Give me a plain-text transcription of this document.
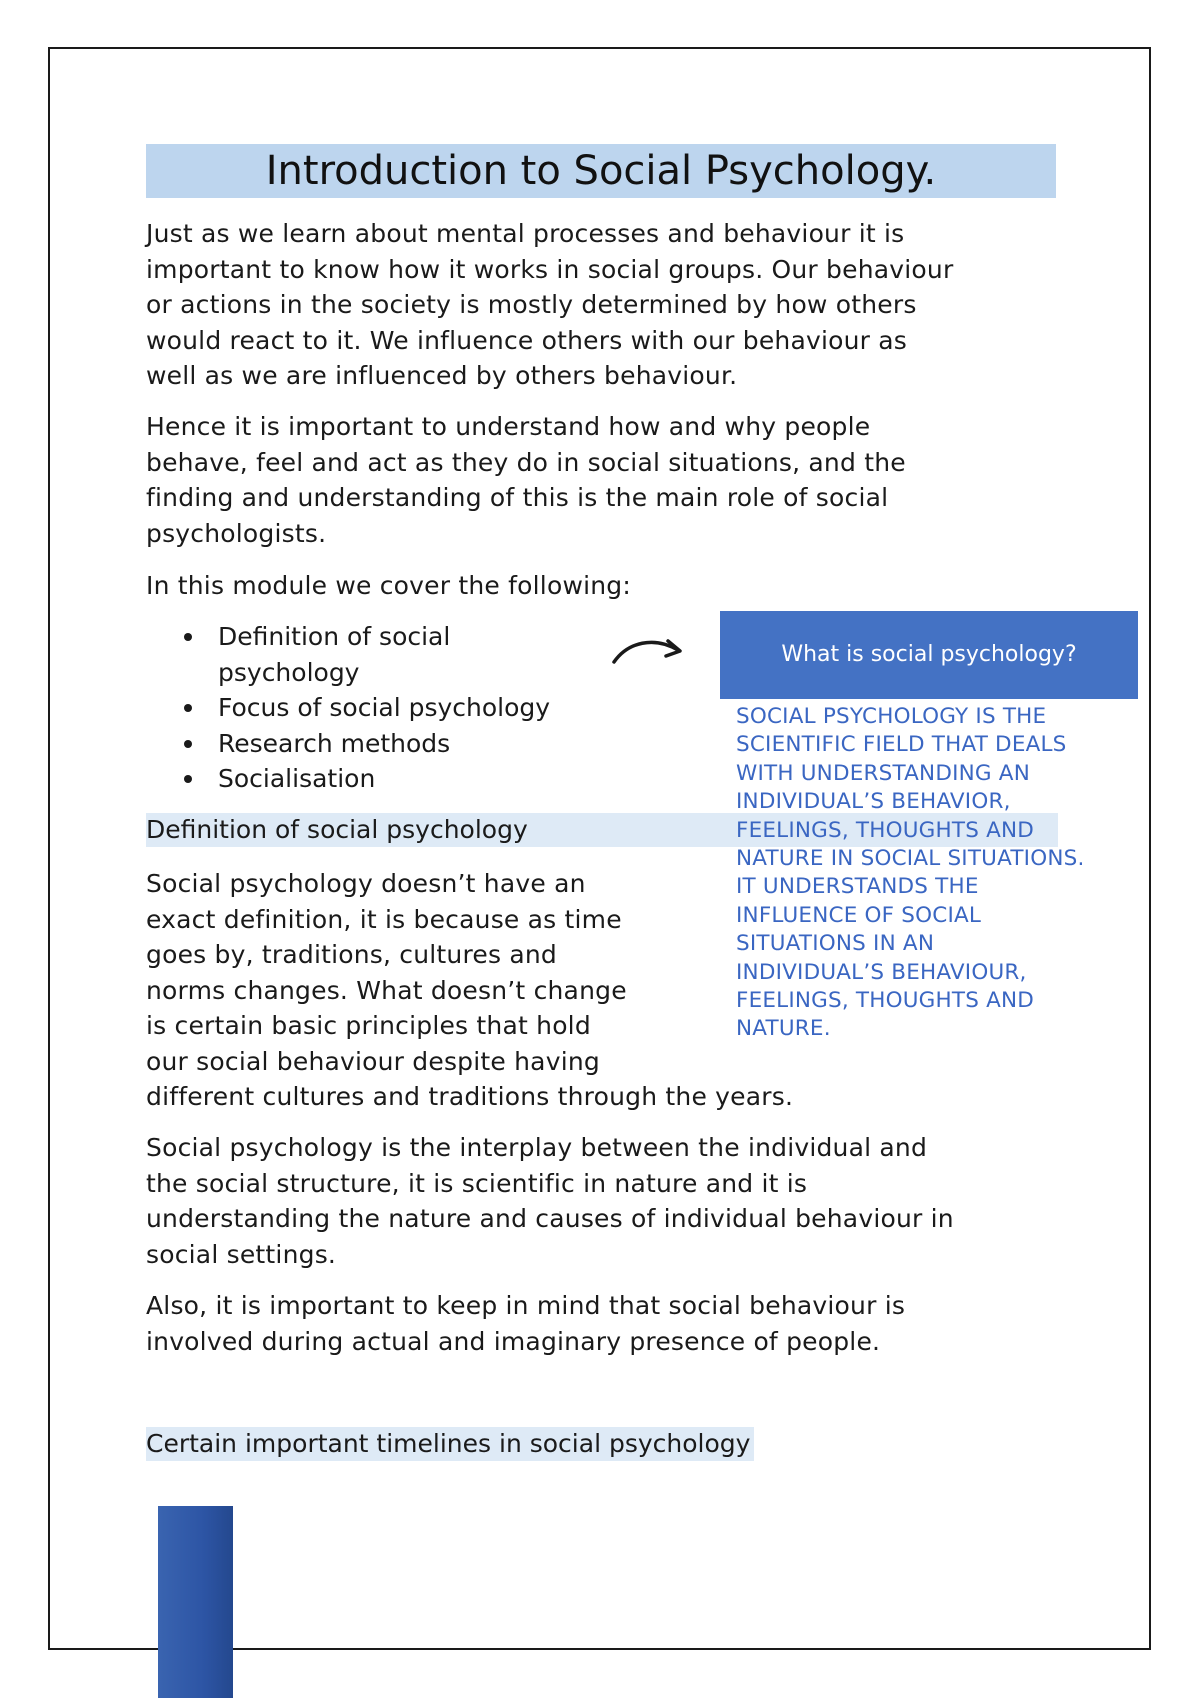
Introduction to Social Psychology.

Just as we learn about mental processes and behaviour it is
important to know how it works in social groups. Our behaviour
or actions in the society is mostly determined by how others
would react to it. We influence others with our behaviour as
well as we are influenced by others behaviour.

Hence it is important to understand how and why people
behave, feel and act as they do in social situations, and the
finding and understanding of this is the main role of social
psychologists.

In this module we cover the following:

Definition of social
psychology
Focus of social psychology
Research methods
Socialisation
Definition of social psychology
What is social psychology?

SOCIAL PSYCHOLOGY IS THE
SCIENTIFIC FIELD THAT DEALS
WITH UNDERSTANDING AN
INDIVIDUAL’S BEHAVIOR,
FEELINGS, THOUGHTS AND
NATURE IN SOCIAL SITUATIONS.
IT UNDERSTANDS THE
INFLUENCE OF SOCIAL
SITUATIONS IN AN
INDIVIDUAL’S BEHAVIOUR,
FEELINGS, THOUGHTS AND
NATURE.

Social psychology doesn’t have an
exact definition, it is because as time
goes by, traditions, cultures and
norms changes. What doesn’t change
is certain basic principles that hold
our social behaviour despite having
different cultures and traditions through the years.

Social psychology is the interplay between the individual and
the social structure, it is scientific in nature and it is
understanding the nature and causes of individual behaviour in
social settings.

Also, it is important to keep in mind that social behaviour is
involved during actual and imaginary presence of people.

Certain important timelines in social psychology
